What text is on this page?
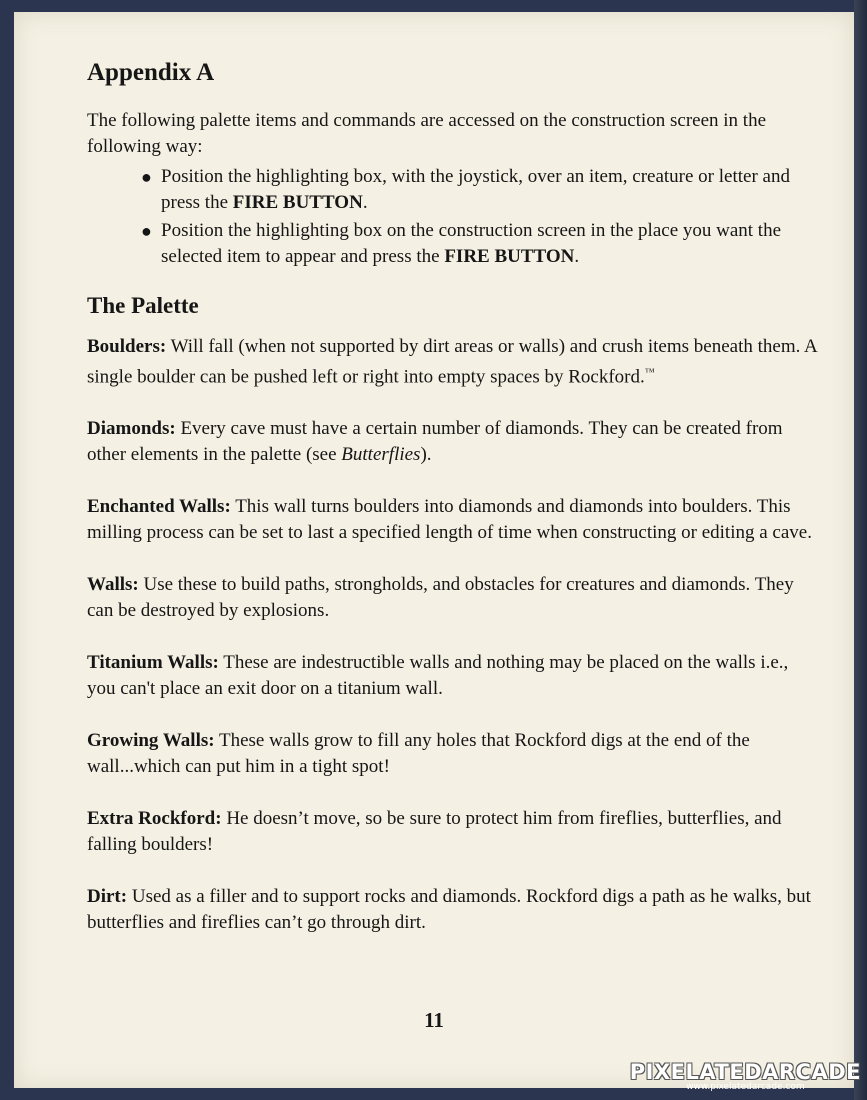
Appendix A

The following palette items and commands are accessed on the construction screen in the following way:

● Position the highlighting box, with the joystick, over an item, creature or letter and press the FIRE BUTTON.
● Position the highlighting box on the construction screen in the place you want the selected item to appear and press the FIRE BUTTON.
The Palette

Boulders: Will fall (when not supported by dirt areas or walls) and crush items beneath them. A single boulder can be pushed left or right into empty spaces by Rockford.™

Diamonds: Every cave must have a certain number of diamonds. They can be created from other elements in the palette (see Butterflies).

Enchanted Walls: This wall turns boulders into diamonds and diamonds into boulders. This milling process can be set to last a specified length of time when constructing or editing a cave.

Walls: Use these to build paths, strongholds, and obstacles for creatures and diamonds. They can be destroyed by explosions.

Titanium Walls: These are indestructible walls and nothing may be placed on the walls i.e., you can't place an exit door on a titanium wall.

Growing Walls: These walls grow to fill any holes that Rockford digs at the end of the wall...which can put him in a tight spot!

Extra Rockford: He doesn’t move, so be sure to protect him from fireflies, butterflies, and falling boulders!

Dirt: Used as a filler and to support rocks and diamonds. Rockford digs a path as he walks, but butterflies and fireflies can’t go through dirt.

11
PIXELATEDARCADE
www.pixelatedarcade.com
